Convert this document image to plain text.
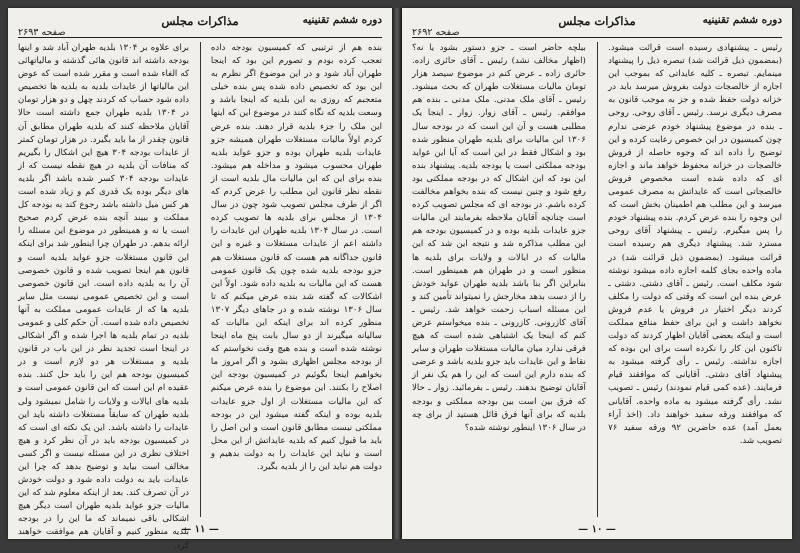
دوره ششم تقنینیه
مذاکرات مجلس
صفحه ۲۶۹۳

بنده هم از ترتیبی که کمیسیون بودجه داده تعجب کرده بودم و تصورم این بود که اینجا طهران آباد شود و در این موضوع اگر نظرم به این بود که تخصیص داده شده پس بنده خیلی متعجبم که روزی به این بلدیه که اینجا باشد و وسعت بلدیه که نگاه کنند در موضوع این که اینها این ملک را جزء بلدیه قرار دهند. بنده عرض کردم اولاً مالیات مستغلات طهران همیشه جزو عایدات بلدیه طهران بوده و جزو عواید بلدیه طهران محسوب میشود و مداخله هم میشود. بنده برای این که این مالیات مال بلدیه است از نقطه نظر قانون این مطلب را عرض کردم که اگر از طرف مجلس تصویب شود چون در سال ۱۳۰۴ از مجلس برای بلدیه ها تصویب کرده است. در سال ۱۳۰۴ بلدیه طهران این عایدات را داشته اعم از عایدات مستغلات و غیره و این قانون جداگانه هم هست که قانون مستغلات هم جزو بودجه بلدیه شده چون یک قانون عمومی هست که این مالیات به بلدیه داده شود. اولاً این اشکالات که گفته شد بنده عرض میکنم که تا سال ۱۳۰۶ نوشته شده و در جاهای دیگر ۱۳۰۷ منظور کرده اند برای اینکه این مالیات که سالیانه میگیرند از دو سال بابت پنج ماه اینجا نوشته شده است و بنده هیچ وقت نخواستم که از بودجه مجلس اظهاری بشود و اگر امروز ما بخواهیم اینجا بگوئیم در کمیسیون بودجه این اصلاح را بکنند. این موضوع را بنده عرض میکنم که این مالیات مستغلات از اول جزو عایدات بلدیه بوده و اینکه گفته میشود این در بودجه مملکتی نیست مطابق قانون است و این اصل را باید ما قبول کنیم که بلدیه عایداتش از این محل است و نباید این عایدات را به دولت بدهیم و دولت هم نباید این را از بلدیه بگیرد.

برای علاوه بر ۱۳۰۴ بلدیه طهران آباد شد و اینها بودجه داشته اند قانون هائی گذشته و مالیاتهائی که الغاء شده است و مقرر شده است که عوض این مالیاتها از عایدات بلدیه به بلدیه ها تخصیص داده شود حساب که کردند چهل و دو هزار تومان در ۱۳۰۴ بلدیه طهران جمع داشته است حالا آقایان ملاحظه کنند که بلدیه طهران مطابق آن قانون چقدر از ما باید بگیرد. در هزار تومان کمتر از عایدات بودجه ۳۰۴ هیچ این اشکال را بگیریم که منافات آن بلدیه در هیچ نقطه نیست که از عایدات بودجه ۳۰۴ کسر شده باشد اگر بلدیه های دیگر بوده یک قدری کم و زیاد شده است هر کس میل داشته باشد رجوع کند به بودجه کل مملکت و ببیند آنچه بنده عرض کردم صحیح است یا نه و همینطور در موضوع این مسئله را ارائه بدهم. در طهران چرا اینطور شد برای اینکه این قانون مستغلات جزو عواید بلدیه است و قانون هم اینجا تصویب شده و قانون خصوصی آن را به بلدیه داده است. این قانون خصوصی است و این تخصیص عمومی نیست مثل سایر بلدیه ها که از عایدات عمومی مملکت به آنها تخصیص داده شده است. آن حکم کلی و عمومی بلدیه در تمام بلدیه ها اجرا شده و اگر اشکالی در اینجا است تجدید نظر در این باب در قانون بلدیه و مستغلات هر دو لازم است و در کمیسیون بودجه هم این را باید حل کنند. بنده عقیده ام این است که این قانون عمومی است و بلدیه های ایالات و ولایات را شامل نمیشود ولی بلدیه طهران که سابقاً مستغلات داشته باید این عایدات را داشته باشد. این یک نکته ای است که در کمیسیون بودجه باید در آن نظر کرد و هیچ اختلاف نظری در این مسئله نیست و اگر کسی مخالف است بیاید و توضیح بدهد که چرا این عایدات باید به دولت داده شود و دولت خودش در آن تصرف کند. بعد از اینکه معلوم شد که این مالیات جزو عواید بلدیه طهران است دیگر هیچ اشکالی باقی نمیماند که ما این را در بودجه بلدیه منظور کنیم و آقایان هم موافقت خواهند کرد.

— ۱۱ —
دوره ششم تقنینیه
مذاکرات مجلس
صفحه ۲۶۹۲

رئیس ـ پیشنهادی رسیده است قرائت میشود. (بمضمون ذیل قرائت شد) تبصره ذیل را پیشنهاد مینمایم. تبصره ـ کلیه عایداتی که بموجب این اجازه از خالصجات دولت بفروش میرسد باید در خزانه دولت حفظ شده و جز به موجب قانون به مصرف دیگری نرسد. رئیس ـ آقای روحی. روحی ـ بنده در موضوع پیشنهاد خودم عرضی ندارم چون کمیسیون در این خصوص رعایت کرده و این توضیح را داده اند که وجوه حاصله از فروش خالصجات در خزانه محفوظ خواهد ماند و اجازه ای که داده شده است مخصوص فروش خالصجاتی است که عایداتش به مصرف عمومی میرسد و این مطلب هم اطمینان بخش است که این وجوه را بنده عرض کردم. بنده پیشنهاد خودم را پس میگیرم. رئیس ـ پیشنهاد آقای روحی مسترد شد. پیشنهاد دیگری هم رسیده است قرائت میشود. (بمضمون ذیل قرائت شد) در ماده واحده بجای کلمه اجازه داده میشود نوشته شود مکلف است. رئیس ـ آقای دشتی. دشتی ـ عرض بنده این است که وقتی که دولت را مکلف کردند دیگر اختیار در فروش یا عدم فروش نخواهد داشت و این برای حفظ منافع مملکت است و اینکه بعضی آقایان اظهار کردند که دولت تاکنون این کار را نکرده است برای این بوده که اجازه نداشته. رئیس ـ رأی گرفته میشود به پیشنهاد آقای دشتی. آقایانی که موافقند قیام فرمایند. (عده کمی قیام نمودند) رئیس ـ تصویب نشد. رأی گرفته میشود به ماده واحده. آقایانی که موافقند ورقه سفید خواهند داد. (اخذ آراء بعمل آمد) عده حاضرین ۹۲ ورقه سفید ۷۶ تصویب شد.

بیلچه حاضر است ـ جزو دستور بشود یا نه؟ (اظهار مخالف نشد) رئیس ـ آقای حائری زاده. حائری زاده ـ عرض کنم در موضوع سیصد هزار تومان مالیات مستغلات طهران که بحث میشود. رئیس ـ آقای ملک مدنی. ملک مدنی ـ بنده هم موافقم. رئیس ـ آقای زوار. زوار ـ اینجا یک مطلبی هست و آن این است که در بودجه سال ۱۳۰۶ این مالیات برای بلدیه طهران منظور شده بود و اشکال فقط در این است که آیا این عواید بودجه مملکتی است یا بودجه بلدیه. پیشنهاد بنده این بود که این اشکال که در بودجه مملکتی بود رفع شود و چنین نیست که بنده بخواهم مخالفت کرده باشم. در بودجه ای که مجلس تصویب کرده است چنانچه آقایان ملاحظه بفرمایند این مالیات جزو عایدات بلدیه بوده و در کمیسیون بودجه هم این مطلب مذاکره شد و نتیجه این شد که این مالیات که در ایالات و ولایات برای بلدیه ها منظور است و در طهران هم همینطور است. بنابراین اگر بنا باشد بلدیه طهران عواید خودش را از دست بدهد مخارجش را نمیتواند تأمین کند و این مسئله اسباب زحمت خواهد شد. رئیس ـ آقای کازرونی. کازرونی ـ بنده میخواستم عرض کنم که اینجا یک اشتباهی شده است که هیچ فرقی ندارد میان مالیات مستغلات طهران و سایر نقاط و این عایدات باید جزو بلدیه باشد و عرضی که بنده دارم این است که این را هم یک نفر از آقایان توضیح بدهند. رئیس ـ بفرمائید. زوار ـ حالا که فرق بین است بین بودجه مملکتی و بودجه بلدیه که برای آنها فرق قائل هستید از برای چه در سال ۱۳۰۶ اینطور نوشته شده؟

— ۱۰ —
